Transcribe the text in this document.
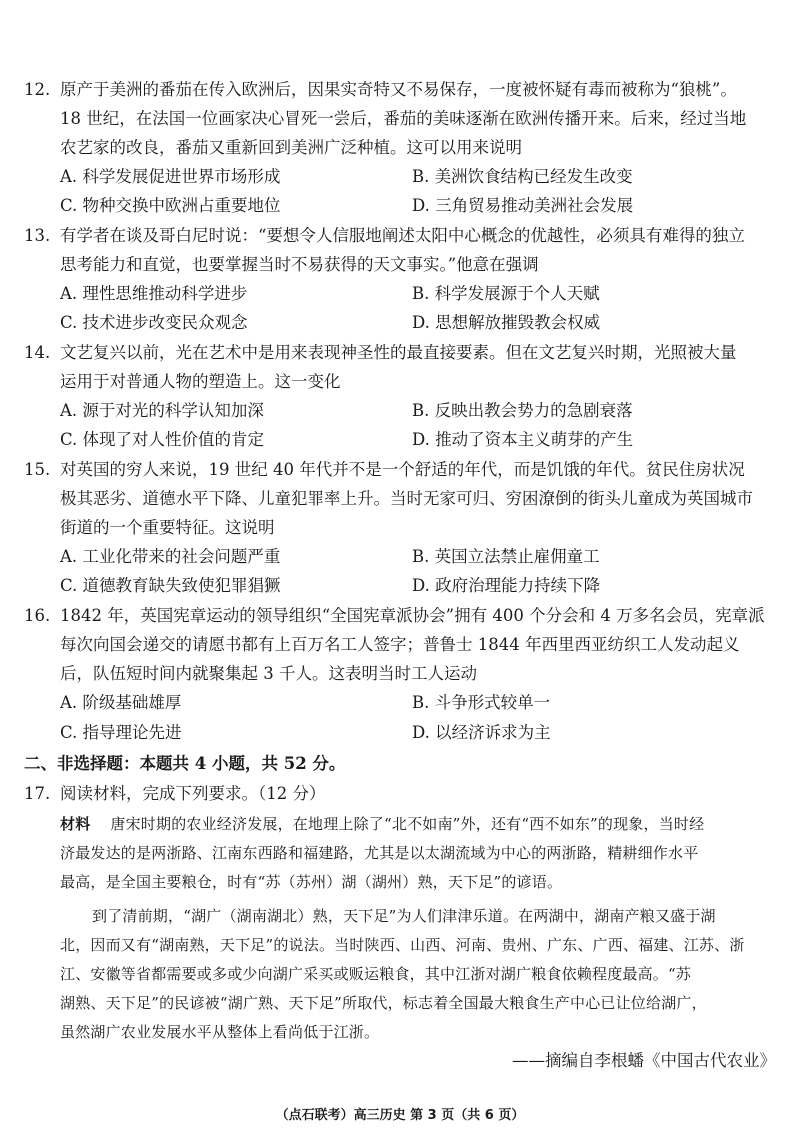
12. 原产于美洲的番茄在传入欧洲后，因果实奇特又不易保存，一度被怀疑有毒而被称为“狼桃”。
18 世纪，在法国一位画家决心冒死一尝后，番茄的美味逐渐在欧洲传播开来。后来，经过当地
农艺家的改良，番茄又重新回到美洲广泛种植。这可以用来说明
A. 科学发展促进世界市场形成	B. 美洲饮食结构已经发生改变
C. 物种交换中欧洲占重要地位	D. 三角贸易推动美洲社会发展
13. 有学者在谈及哥白尼时说：“要想令人信服地阐述太阳中心概念的优越性，必须具有难得的独立
思考能力和直觉，也要掌握当时不易获得的天文事实。”他意在强调
A. 理性思维推动科学进步	B. 科学发展源于个人天赋
C. 技术进步改变民众观念	D. 思想解放摧毁教会权威
14. 文艺复兴以前，光在艺术中是用来表现神圣性的最直接要素。但在文艺复兴时期，光照被大量
运用于对普通人物的塑造上。这一变化
A. 源于对光的科学认知加深	B. 反映出教会势力的急剧衰落
C. 体现了对人性价值的肯定	D. 推动了资本主义萌芽的产生
15. 对英国的穷人来说，19 世纪 40 年代并不是一个舒适的年代，而是饥饿的年代。贫民住房状况
极其恶劣、道德水平下降、儿童犯罪率上升。当时无家可归、穷困潦倒的街头儿童成为英国城市
街道的一个重要特征。这说明
A. 工业化带来的社会问题严重	B. 英国立法禁止雇佣童工
C. 道德教育缺失致使犯罪猖獗	D. 政府治理能力持续下降
16. 1842 年，英国宪章运动的领导组织“全国宪章派协会”拥有 400 个分会和 4 万多名会员，宪章派
每次向国会递交的请愿书都有上百万名工人签字；普鲁士 1844 年西里西亚纺织工人发动起义
后，队伍短时间内就聚集起 3 千人。这表明当时工人运动
A. 阶级基础雄厚	B. 斗争形式较单一
C. 指导理论先进	D. 以经济诉求为主
二、非选择题：本题共 4 小题，共 52 分。
17. 阅读材料，完成下列要求。（12 分）
材料 唐宋时期的农业经济发展，在地理上除了“北不如南”外，还有“西不如东”的现象，当时经
济最发达的是两浙路、江南东西路和福建路，尤其是以太湖流域为中心的两浙路，精耕细作水平
最高，是全国主要粮仓，时有“苏（苏州）湖（湖州）熟，天下足”的谚语。
到了清前期，“湖广（湖南湖北）熟，天下足”为人们津津乐道。在两湖中，湖南产粮又盛于湖
北，因而又有“湖南熟，天下足”的说法。当时陕西、山西、河南、贵州、广东、广西、福建、江苏、浙
江、安徽等省都需要或多或少向湖广采买或贩运粮食，其中江浙对湖广粮食依赖程度最高。“苏
湖熟、天下足”的民谚被“湖广熟、天下足”所取代，标志着全国最大粮食生产中心已让位给湖广，
虽然湖广农业发展水平从整体上看尚低于江浙。
——摘编自李根蟠《中国古代农业》
（点石联考）高三历史 第 3 页（共 6 页）
